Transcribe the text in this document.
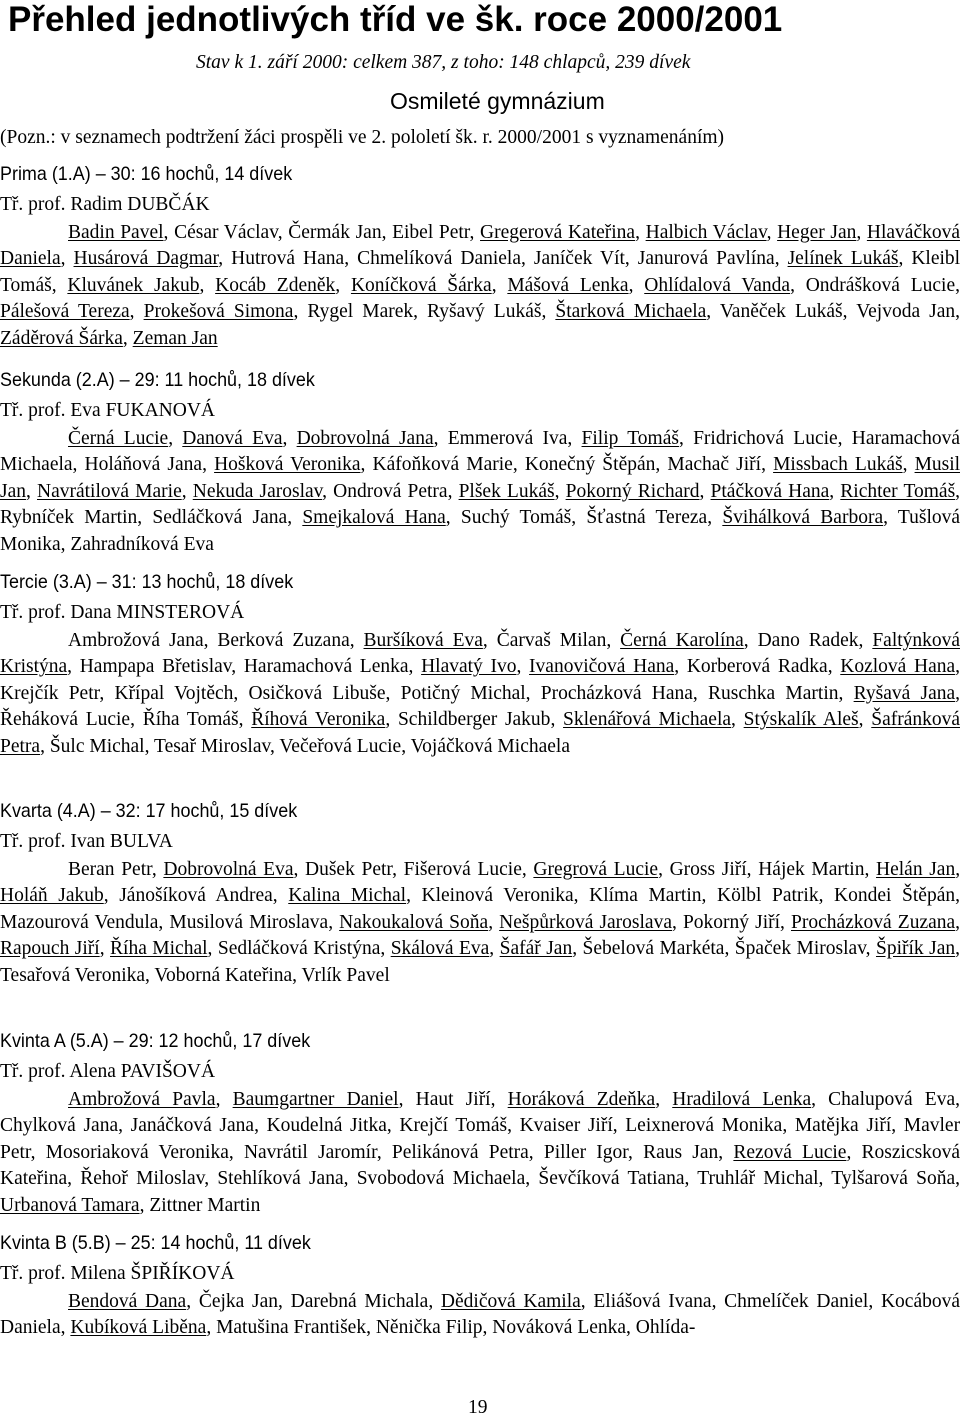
Přehled jednotlivých tříd ve šk. roce 2000/2001
Stav k 1. září 2000: celkem 387, z toho: 148 chlapců, 239 dívek
Osmileté gymnázium
(Pozn.: v seznamech podtržení žáci prospěli ve 2. pololetí šk. r. 2000/2001 s vyznamenáním)
Prima (1.A) – 30: 16 hochů, 14 dívek
Tř. prof. Radim DUBČÁK
Badin Pavel, César Václav, Čermák Jan, Eibel Petr, Gregerová Kateřina, Halbich Václav, Heger Jan, Hlaváčková Daniela, Husárová Dagmar, Hutrová Hana, Chmelíková Daniela, Janíček Vít, Janurová Pavlína, Jelínek Lukáš, Kleibl Tomáš, Kluvánek Jakub, Kocáb Zdeněk, Koníčková Šárka, Mášová Lenka, Ohlídalová Vanda, Ondrášková Lucie, Pálešová Tereza, Prokešová Simona, Rygel Marek, Ryšavý Lukáš, Štarková Michaela, Vaněček Lukáš, Vejvoda Jan, Záděrová Šárka, Zeman Jan
Sekunda (2.A) – 29: 11 hochů, 18 dívek
Tř. prof. Eva FUKANOVÁ
Černá Lucie, Danová Eva, Dobrovolná Jana, Emmerová Iva, Filip Tomáš, Fridrichová Lucie, Haramachová Michaela, Holáňová Jana, Hošková Veronika, Káfoňková Marie, Konečný Štěpán, Machač Jiří, Missbach Lukáš, Musil Jan, Navrátilová Marie, Nekuda Jaroslav, Ondrová Petra, Plšek Lukáš, Pokorný Richard, Ptáčková Hana, Richter Tomáš, Rybníček Martin, Sedláčková Jana, Smejkalová Hana, Suchý Tomáš, Šťastná Tereza, Švihálková Barbora, Tušlová Monika, Zahradníková Eva
Tercie (3.A) – 31: 13 hochů, 18 dívek
Tř. prof. Dana MINSTEROVÁ
Ambrožová Jana, Berková Zuzana, Buršíková Eva, Čarvaš Milan, Černá Karolína, Dano Radek, Faltýnková Kristýna, Hampapa Břetislav, Haramachová Lenka, Hlavatý Ivo, Ivanovičová Hana, Korberová Radka, Kozlová Hana, Krejčík Petr, Křípal Vojtěch, Osičková Libuše, Potičný Michal, Procházková Hana, Ruschka Martin, Ryšavá Jana, Řeháková Lucie, Říha Tomáš, Říhová Veronika, Schildberger Jakub, Sklenářová Michaela, Stýskalík Aleš, Šafránková Petra, Šulc Michal, Tesař Miroslav, Večeřová Lucie, Vojáčková Michaela
Kvarta (4.A) – 32: 17 hochů, 15 dívek
Tř. prof. Ivan BULVA
Beran Petr, Dobrovolná Eva, Dušek Petr, Fišerová Lucie, Gregrová Lucie, Gross Jiří, Hájek Martin, Helán Jan, Holáň Jakub, Jánošíková Andrea, Kalina Michal, Kleinová Veronika, Klíma Martin, Kölbl Patrik, Kondei Štěpán, Mazourová Vendula, Musilová Miroslava, Nakoukalová Soňa, Nešpůrková Jaroslava, Pokorný Jiří, Procházková Zuzana, Rapouch Jiří, Říha Michal, Sedláčková Kristýna, Skálová Eva, Šafář Jan, Šebelová Markéta, Špaček Miroslav, Špiřík Jan, Tesařová Veronika, Voborná Kateřina, Vrlík Pavel
Kvinta A (5.A) – 29: 12 hochů, 17 dívek
Tř. prof. Alena PAVIŠOVÁ
Ambrožová Pavla, Baumgartner Daniel, Haut Jiří, Horáková Zdeňka, Hradilová Lenka, Chalupová Eva, Chylková Jana, Janáčková Jana, Koudelná Jitka, Krejčí Tomáš, Kvaiser Jiří, Leixnerová Monika, Matějka Jiří, Mavler Petr, Mosoriaková Veronika, Navrátil Jaromír, Pelikánová Petra, Piller Igor, Raus Jan, Rezová Lucie, Roszicsková Kateřina, Řehoř Miloslav, Stehlíková Jana, Svobodová Michaela, Ševčíková Tatiana, Truhlář Michal, Tylšarová Soňa, Urbanová Tamara, Zittner Martin
Kvinta B (5.B) – 25: 14 hochů, 11 dívek
Tř. prof. Milena ŠPIŘÍKOVÁ
Bendová Dana, Čejka Jan, Darebná Michala, Dědičová Kamila, Eliášová Ivana, Chmelíček Daniel, Kocábová Daniela, Kubíková Liběna, Matušina František, Něnička Filip, Nováková Lenka, Ohlída-
19
